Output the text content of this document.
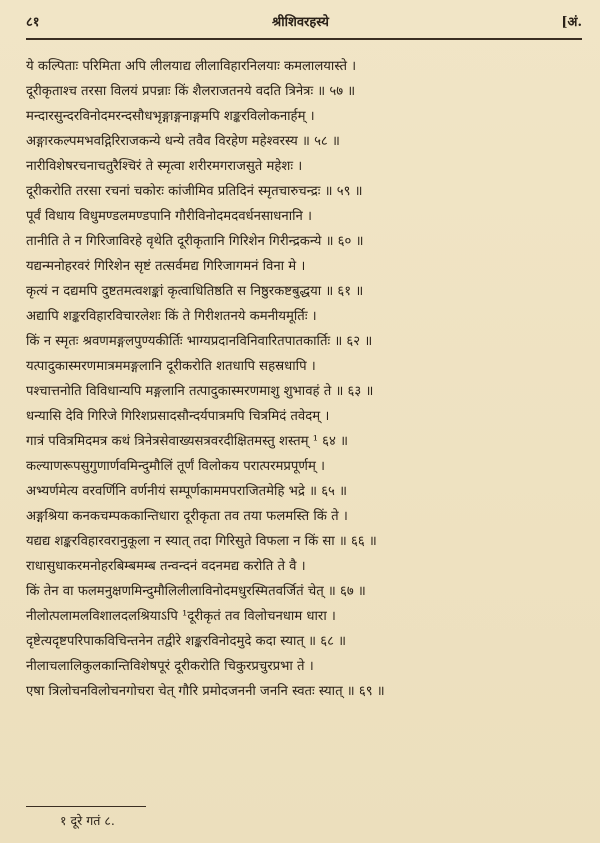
८१	श्रीशिवरहस्ये	[अं.
ये कल्पिताः परिमिता अपि लीलयाद्य लीलाविहारनिलयाः कमलालयास्ते ।
दूरीकृताश्च तरसा विलयं प्रपन्नाः किं शैलराजतनये वदति त्रिनेत्रः ॥ ५७ ॥
मन्दारसुन्दरविनोदमरन्दसौधभृङ्गाङ्गनाङ्गमपि शङ्करविलोकनार्हम् ।
अङ्गारकल्पमभवद्गिरिराजकन्ये धन्ये तवैव विरहेण महेश्वरस्य ॥ ५८ ॥
नारीविशेषरचनाचतुरैश्चिरं ते स्मृत्वा शरीरमगराजसुते महेशः ।
दूरीकरोति तरसा रचनां चकोरः कांजीमिव प्रतिदिनं स्मृतचारुचन्द्रः ॥ ५९ ॥
पूर्वं विधाय विधुमण्डलमण्डपानि गौरीविनोदमदवर्धनसाधनानि ।
तानीति ते न गिरिजाविरहे वृथेति दूरीकृतानि गिरिशेन गिरीन्द्रकन्ये ॥ ६० ॥
यद्यन्मनोहरवरं गिरिशेन सृष्टं तत्सर्वमद्य गिरिजागमनं विना मे ।
कृत्यं न दद्यमपि दुष्टतमत्वशङ्कां कृत्वाधितिष्ठति स निष्ठुरकष्टबुद्धया ॥ ६१ ॥
अद्यापि शङ्करविहारविचारलेशः किं ते गिरीशतनये कमनीयमूर्तिः ।
किं न स्मृतः श्रवणमङ्गलपुण्यकीर्तिः भाग्यप्रदानविनिवारितपातकार्तिः ॥ ६२ ॥
यत्पादुकास्मरणमात्रममङ्गलानि दूरीकरोति शतधापि सहस्रधापि ।
पश्चात्तनोति विविधान्यपि मङ्गलानि तत्पादुकास्मरणमाशु शुभावहं ते ॥ ६३ ॥
धन्यासि देवि गिरिजे गिरिशप्रसादसौन्दर्यपात्रमपि चित्रमिदं तवेदम् ।
गात्रं पवित्रमिदमत्र कथं त्रिनेत्रसेवाख्यसत्रवरदीक्षितमस्तु शस्तम् ¹ ६४ ॥
कल्याणरूपसुगुणार्णवमिन्दुमौलिं तूर्णं विलोकय परात्परमप्रपूर्णम् ।
अभ्यर्णमेत्य वरवर्णिनि वर्णनीयं सम्पूर्णकाममपराजितमेहि भद्रे ॥ ६५ ॥
अङ्गश्रिया कनकचम्पककान्तिधारा दूरीकृता तव तया फलमस्ति किं ते ।
यद्यद्य शङ्करविहारवरानुकूला न स्यात् तदा गिरिसुते विफला न किं सा ॥ ६६ ॥
राधासुधाकरमनोहरबिम्बमम्ब तन्वन्दनं वदनमद्य करोति ते वै ।
किं तेन वा फलमनुक्षणमिन्दुमौलिलीलाविनोदमधुरस्मितवर्जितं चेत् ॥ ६७ ॥
नीलोत्पलामलविशालदलश्रियाऽपि ¹दूरीकृतं तव विलोचनधाम धारा ।
दृष्टेत्यदृष्टपरिपाकविचिन्तनेन तद्वीरे शङ्करविनोदमुदे कदा स्यात् ॥ ६८ ॥
नीलाचलालिकुलकान्तिविशेषपूरं दूरीकरोति चिकुरप्रचुरप्रभा ते ।
एषा त्रिलोचनविलोचनगोचरा चेत् गौरि प्रमोदजननी जननि स्वतः स्यात् ॥ ६९ ॥
१ दूरे गतं ८.
